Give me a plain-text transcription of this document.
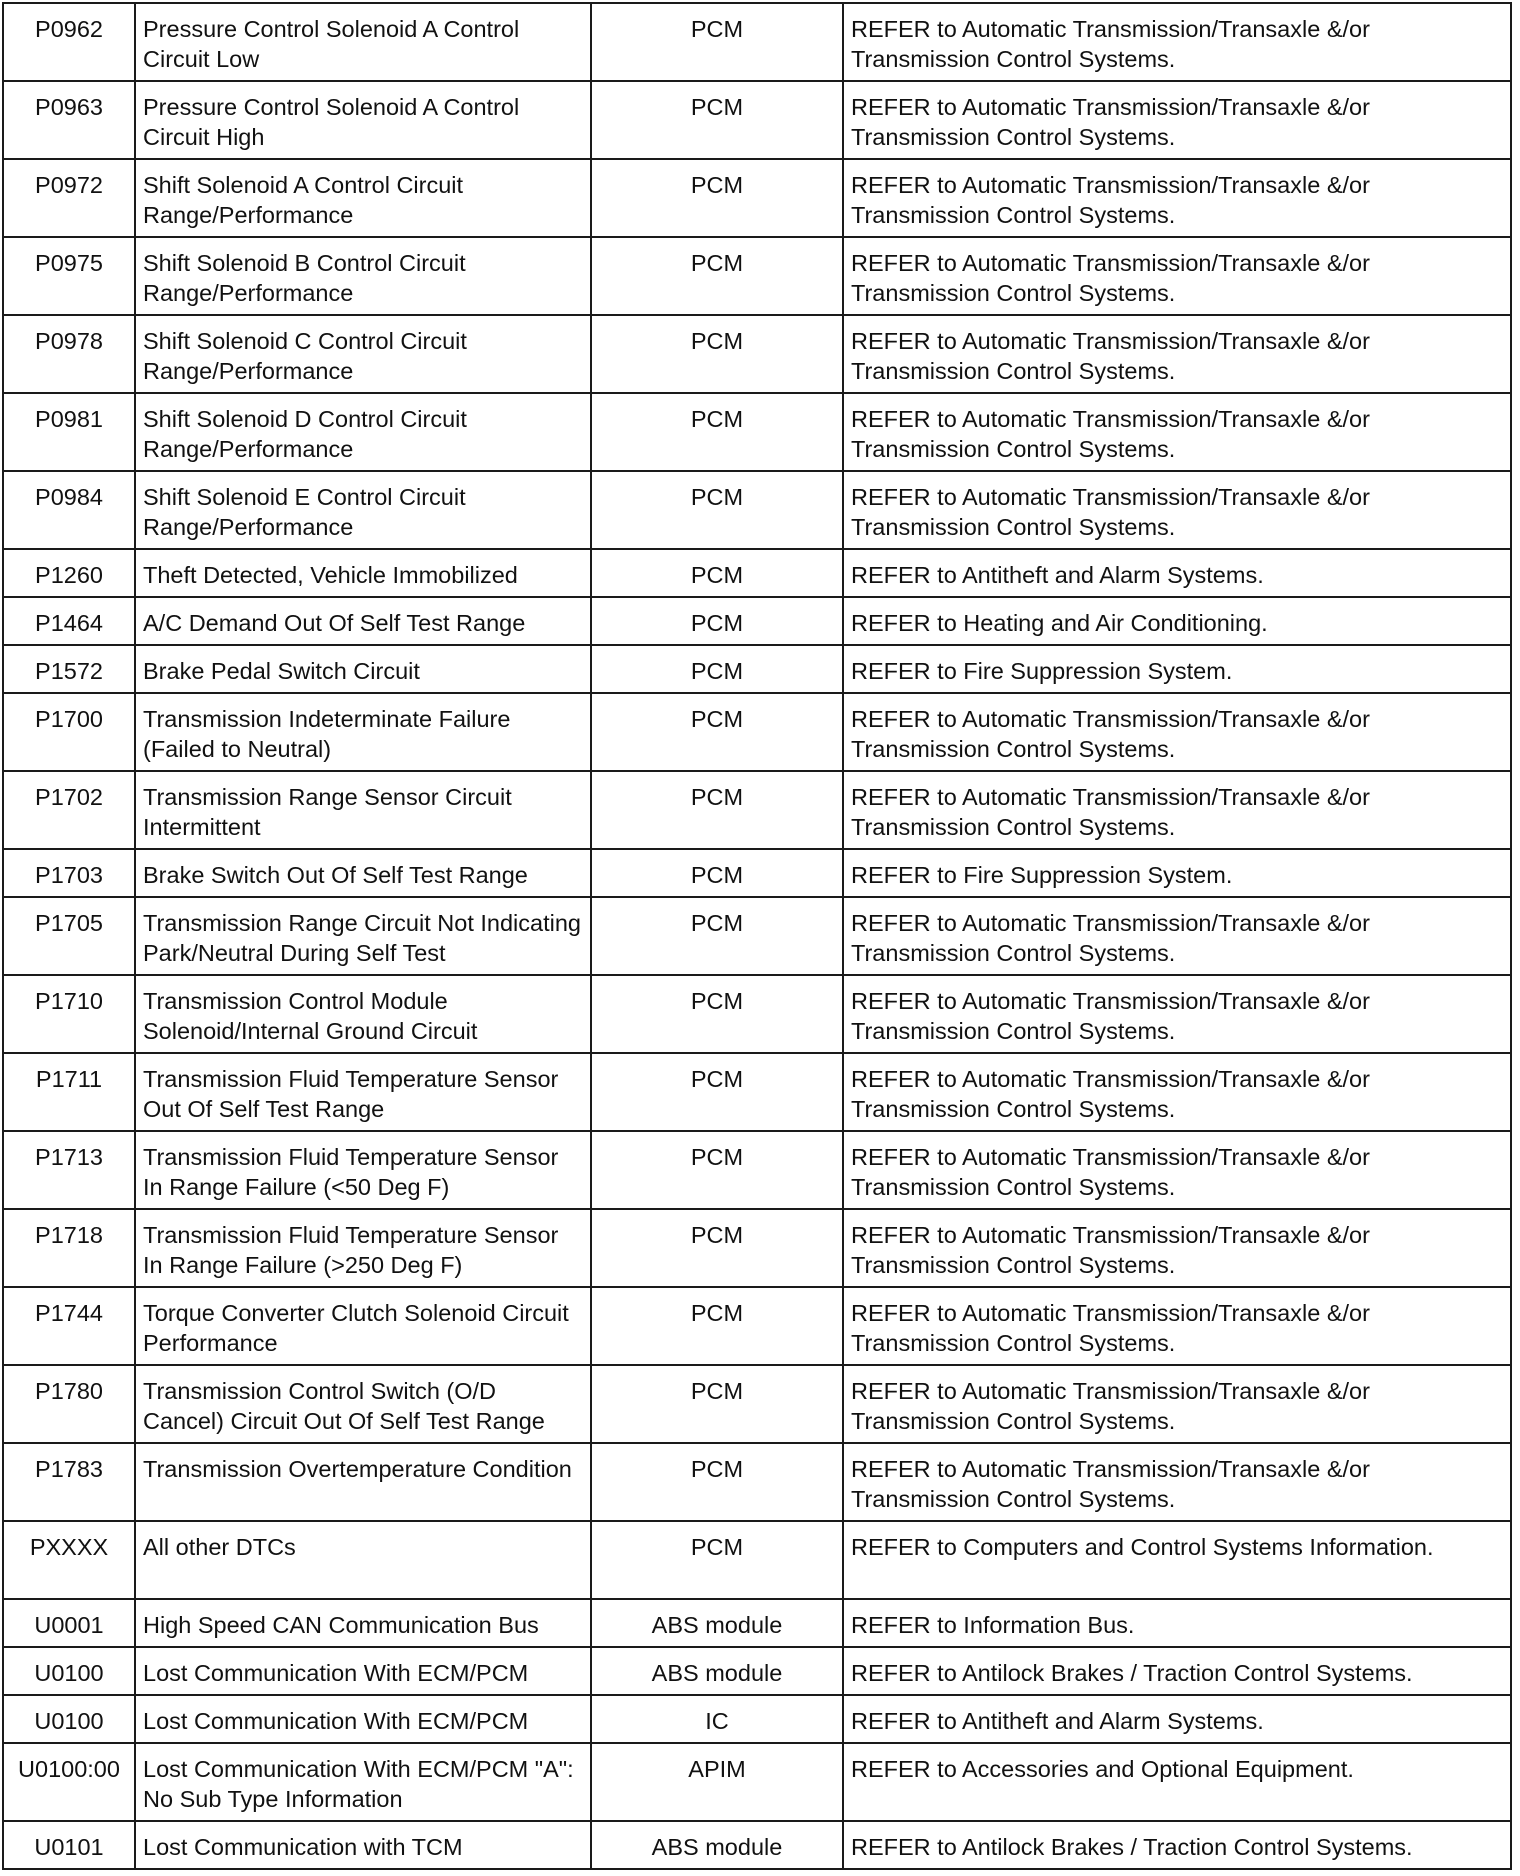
P0962	Pressure Control Solenoid A Control Circuit Low	PCM	REFER to Automatic Transmission/Transaxle &/or Transmission Control Systems.
P0963	Pressure Control Solenoid A Control Circuit High	PCM	REFER to Automatic Transmission/Transaxle &/or Transmission Control Systems.
P0972	Shift Solenoid A Control Circuit Range/Performance	PCM	REFER to Automatic Transmission/Transaxle &/or Transmission Control Systems.
P0975	Shift Solenoid B Control Circuit Range/Performance	PCM	REFER to Automatic Transmission/Transaxle &/or Transmission Control Systems.
P0978	Shift Solenoid C Control Circuit Range/Performance	PCM	REFER to Automatic Transmission/Transaxle &/or Transmission Control Systems.
P0981	Shift Solenoid D Control Circuit Range/Performance	PCM	REFER to Automatic Transmission/Transaxle &/or Transmission Control Systems.
P0984	Shift Solenoid E Control Circuit Range/Performance	PCM	REFER to Automatic Transmission/Transaxle &/or Transmission Control Systems.
P1260	Theft Detected, Vehicle Immobilized	PCM	REFER to Antitheft and Alarm Systems.
P1464	A/C Demand Out Of Self Test Range	PCM	REFER to Heating and Air Conditioning.
P1572	Brake Pedal Switch Circuit	PCM	REFER to Fire Suppression System.
P1700	Transmission Indeterminate Failure (Failed to Neutral)	PCM	REFER to Automatic Transmission/Transaxle &/or Transmission Control Systems.
P1702	Transmission Range Sensor Circuit Intermittent	PCM	REFER to Automatic Transmission/Transaxle &/or Transmission Control Systems.
P1703	Brake Switch Out Of Self Test Range	PCM	REFER to Fire Suppression System.
P1705	Transmission Range Circuit Not Indicating Park/Neutral During Self Test	PCM	REFER to Automatic Transmission/Transaxle &/or Transmission Control Systems.
P1710	Transmission Control Module Solenoid/Internal Ground Circuit	PCM	REFER to Automatic Transmission/Transaxle &/or Transmission Control Systems.
P1711	Transmission Fluid Temperature Sensor Out Of Self Test Range	PCM	REFER to Automatic Transmission/Transaxle &/or Transmission Control Systems.
P1713	Transmission Fluid Temperature Sensor In Range Failure (<50 Deg F)	PCM	REFER to Automatic Transmission/Transaxle &/or Transmission Control Systems.
P1718	Transmission Fluid Temperature Sensor In Range Failure (>250 Deg F)	PCM	REFER to Automatic Transmission/Transaxle &/or Transmission Control Systems.
P1744	Torque Converter Clutch Solenoid Circuit Performance	PCM	REFER to Automatic Transmission/Transaxle &/or Transmission Control Systems.
P1780	Transmission Control Switch (O/D Cancel) Circuit Out Of Self Test Range	PCM	REFER to Automatic Transmission/Transaxle &/or Transmission Control Systems.
P1783	Transmission Overtemperature Condition	PCM	REFER to Automatic Transmission/Transaxle &/or Transmission Control Systems.
PXXXX	All other DTCs	PCM	REFER to Computers and Control Systems Information.
U0001	High Speed CAN Communication Bus	ABS module	REFER to Information Bus.
U0100	Lost Communication With ECM/PCM	ABS module	REFER to Antilock Brakes / Traction Control Systems.
U0100	Lost Communication With ECM/PCM	IC	REFER to Antitheft and Alarm Systems.
U0100:00	Lost Communication With ECM/PCM "A": No Sub Type Information	APIM	REFER to Accessories and Optional Equipment.
U0101	Lost Communication with TCM	ABS module	REFER to Antilock Brakes / Traction Control Systems.
